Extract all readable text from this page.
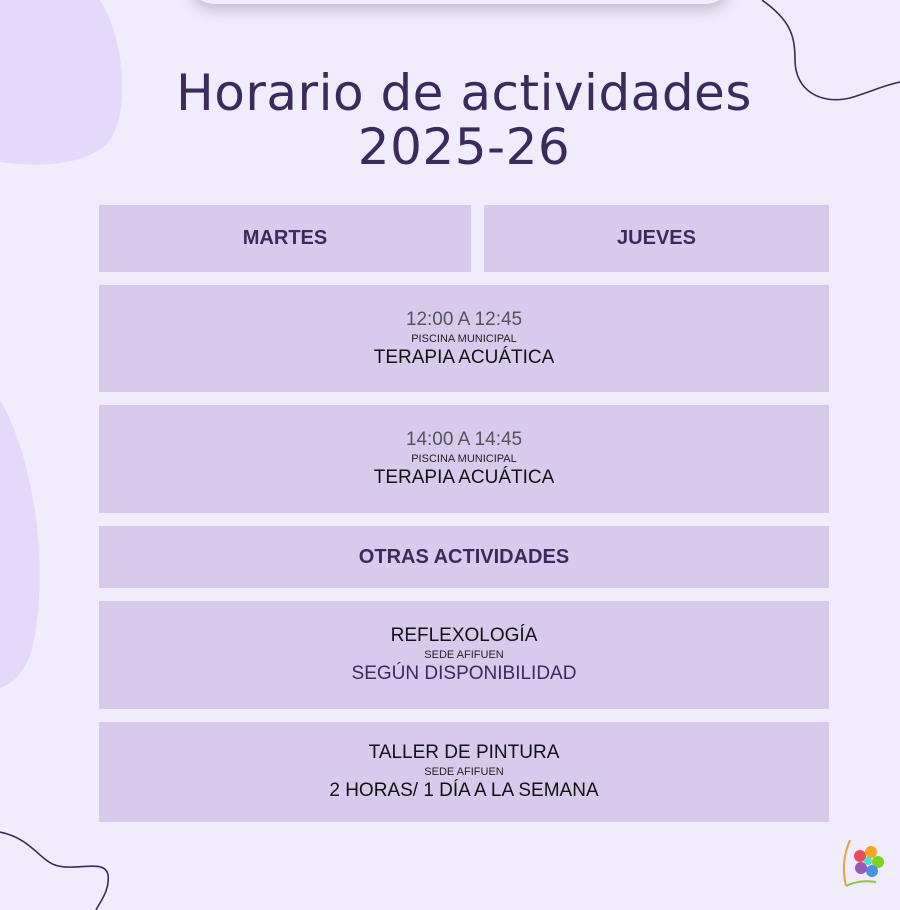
Horario de actividades
2025-26
MARTES	JUEVES
12:00 A 12:45
PISCINA MUNICIPAL
TERAPIA ACUÁTICA
14:00 A 14:45
PISCINA MUNICIPAL
TERAPIA ACUÁTICA
OTRAS ACTIVIDADES
REFLEXOLOGÍA
SEDE AFIFUEN
SEGÚN DISPONIBILIDAD
TALLER DE PINTURA
SEDE AFIFUEN
2 HORAS/ 1 DÍA A LA SEMANA
